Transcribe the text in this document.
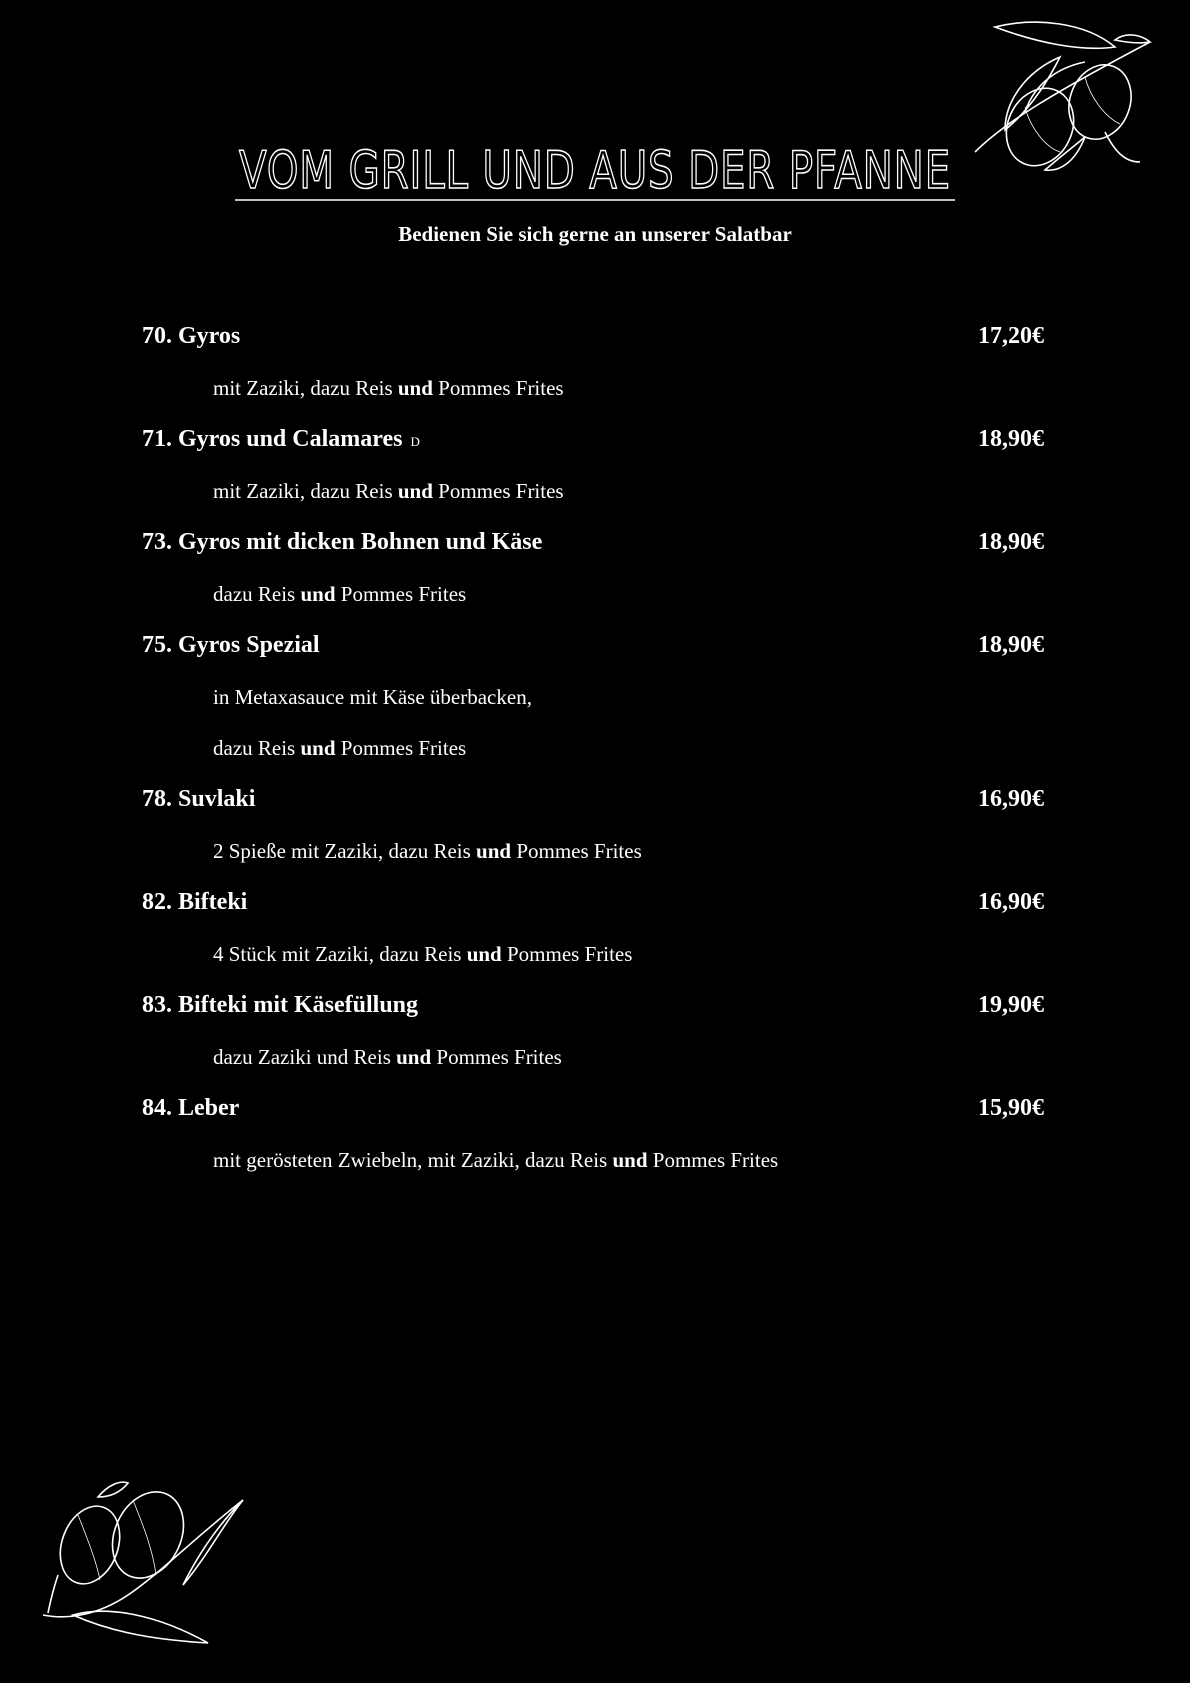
VOM GRILL UND AUS DER PFANNE
Bedienen Sie sich gerne an unserer Salatbar
70. Gyros	17,20€
mit Zaziki, dazu Reis und Pommes Frites
71. Gyros und Calamares D	18,90€
mit Zaziki, dazu Reis und Pommes Frites
73. Gyros mit dicken Bohnen und Käse	18,90€
dazu Reis und Pommes Frites
75. Gyros Spezial	18,90€
in Metaxasauce mit Käse überbacken,
dazu Reis und Pommes Frites
78. Suvlaki	16,90€
2 Spieße mit Zaziki, dazu Reis und Pommes Frites
82. Bifteki	16,90€
4 Stück mit Zaziki, dazu Reis und Pommes Frites
83. Bifteki mit Käsefüllung	19,90€
dazu Zaziki und Reis und Pommes Frites
84. Leber	15,90€
mit gerösteten Zwiebeln, mit Zaziki, dazu Reis und Pommes Frites
